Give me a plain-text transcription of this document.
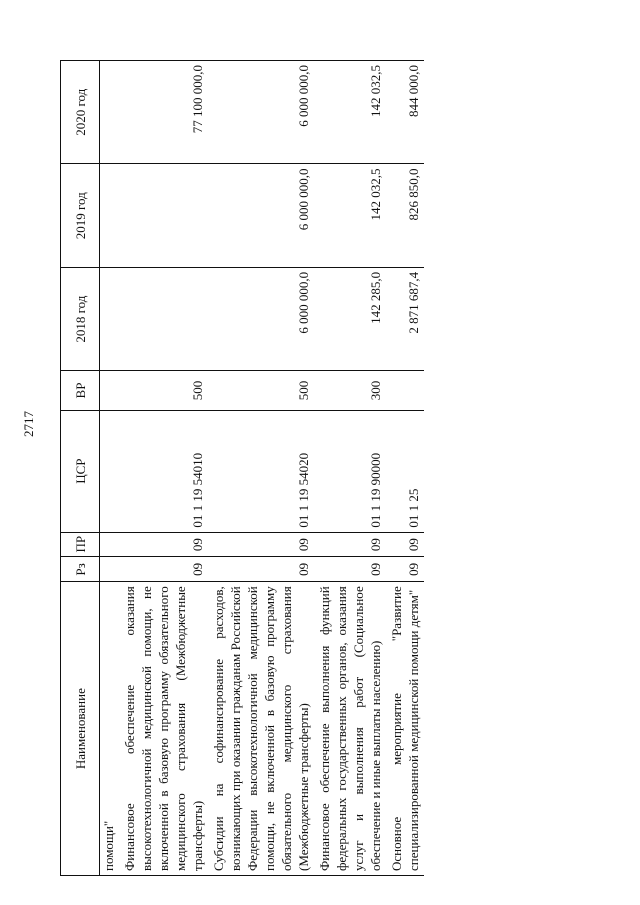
2717
Наименование	Рз	ПР	ЦСР	ВР	2018 год	2019 год	2020 год
помощи"							
Финансовое обеспечение оказания высокотехнологичной медицинской помощи, не включенной в базовую программу обязательного медицинского страхования (Межбюджетные трансферты)	09	09	01 1 19 54010	500			77 100 000,0
Субсидии на софинансирование расходов, возникающих при оказании гражданам Российской Федерации высокотехнологичной медицинской помощи, не включенной в базовую программу обязательного медицинского страхования (Межбюджетные трансферты)	09	09	01 1 19 54020	500	6 000 000,0	6 000 000,0	6 000 000,0
Финансовое обеспечение выполнения функций федеральных государственных органов, оказания услуг и выполнения работ (Социальное обеспечение и иные выплаты населению)	09	09	01 1 19 90000	300	142 285,0	142 032,5	142 032,5
Основное мероприятие "Развитие специализированной медицинской помощи детям"	09	09	01 1 25		2 871 687,4	826 850,0	844 000,0
